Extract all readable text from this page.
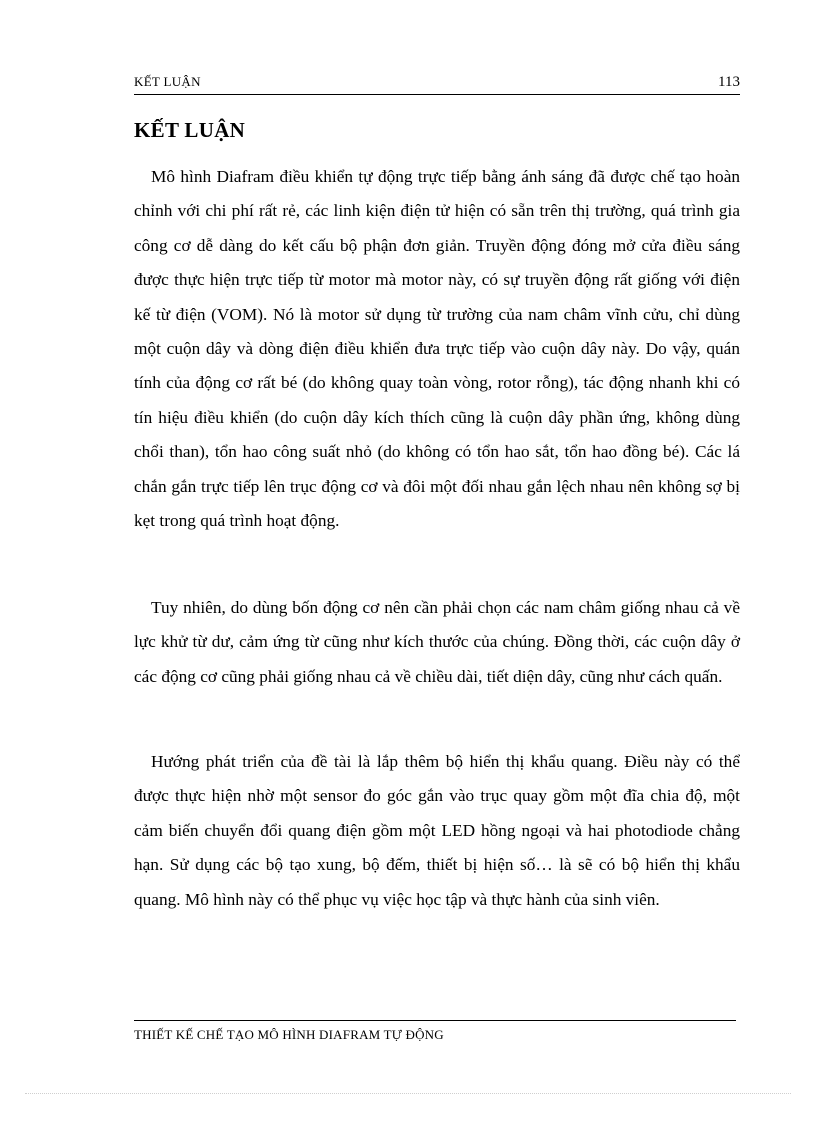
KẾT LUẬN	113
KẾT LUẬN

Mô hình Diafram điều khiển tự động trực tiếp bằng ánh sáng đã được chế tạo hoàn chỉnh với chi phí rất rẻ, các linh kiện điện tử hiện có sẵn trên thị trường, quá trình gia công cơ dễ dàng do kết cấu bộ phận đơn giản. Truyền động đóng mở cửa điều sáng được thực hiện trực tiếp từ motor mà motor này, có sự truyền động rất giống với điện kế từ điện (VOM). Nó là motor sử dụng từ trường của nam châm vĩnh cửu, chỉ dùng một cuộn dây và dòng điện điều khiển đưa trực tiếp vào cuộn dây này. Do vậy, quán tính của động cơ rất bé (do không quay toàn vòng, rotor rỗng), tác động nhanh khi có tín hiệu điều khiển (do cuộn dây kích thích cũng là cuộn dây phần ứng, không dùng chổi than), tổn hao công suất nhỏ (do không có tổn hao sắt, tổn hao đồng bé). Các lá chắn gắn trực tiếp lên trục động cơ và đôi một đối nhau gắn lệch nhau nên không sợ bị kẹt trong quá trình hoạt động.

Tuy nhiên, do dùng bốn động cơ nên cần phải chọn các nam châm giống nhau cả về lực khử từ dư, cảm ứng từ cũng như kích thước của chúng. Đồng thời, các cuộn dây ở các động cơ cũng phải giống nhau cả về chiều dài, tiết diện dây, cũng như cách quấn.

Hướng phát triển của đề tài là lắp thêm bộ hiển thị khẩu quang. Điều này có thể được thực hiện nhờ một sensor đo góc gắn vào trục quay gồm một đĩa chia độ, một cảm biến chuyển đổi quang điện gồm một LED hồng ngoại và hai photodiode chẳng hạn. Sử dụng các bộ tạo xung, bộ đếm, thiết bị hiện số… là sẽ có bộ hiển thị khẩu quang. Mô hình này có thể phục vụ việc học tập và thực hành của sinh viên.

THIẾT KẾ CHẾ TẠO MÔ HÌNH DIAFRAM TỰ ĐỘNG
